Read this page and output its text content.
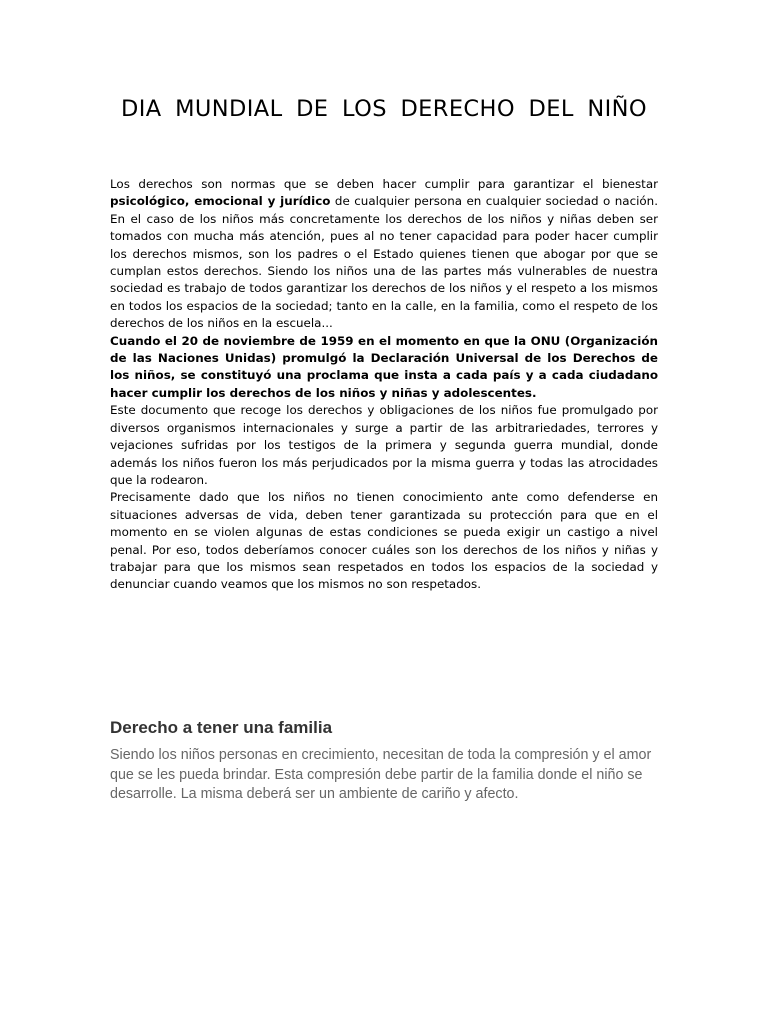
DIA MUNDIAL DE LOS DERECHO DEL NIÑO

Los derechos son normas que se deben hacer cumplir para garantizar el bienestar psicológico, emocional y jurídico de cualquier persona en cualquier sociedad o nación. En el caso de los niños más concretamente los derechos de los niños y niñas deben ser tomados con mucha más atención, pues al no tener capacidad para poder hacer cumplir los derechos mismos, son los padres o el Estado quienes tienen que abogar por que se cumplan estos derechos. Siendo los niños una de las partes más vulnerables de nuestra sociedad es trabajo de todos garantizar los derechos de los niños y el respeto a los mismos en todos los espacios de la sociedad; tanto en la calle, en la familia, como el respeto de los derechos de los niños en la escuela...

Cuando el 20 de noviembre de 1959 en el momento en que la ONU (Organización de las Naciones Unidas) promulgó la Declaración Universal de los Derechos de los niños, se constituyó una proclama que insta a cada país y a cada ciudadano hacer cumplir los derechos de los niños y niñas y adolescentes.

Este documento que recoge los derechos y obligaciones de los niños fue promulgado por diversos organismos internacionales y surge a partir de las arbitrariedades, terrores y vejaciones sufridas por los testigos de la primera y segunda guerra mundial, donde además los niños fueron los más perjudicados por la misma guerra y todas las atrocidades que la rodearon.

Precisamente dado que los niños no tienen conocimiento ante como defenderse en situaciones adversas de vida, deben tener garantizada su protección para que en el momento en se violen algunas de estas condiciones se pueda exigir un castigo a nivel penal. Por eso, todos deberíamos conocer cuáles son los derechos de los niños y niñas y trabajar para que los mismos sean respetados en todos los espacios de la sociedad y denunciar cuando veamos que los mismos no son respetados.

Derecho a tener una familia

Siendo los niños personas en crecimiento, necesitan de toda la compresión y el amor que se les pueda brindar. Esta compresión debe partir de la familia donde el niño se desarrolle. La misma deberá ser un ambiente de cariño y afecto.
